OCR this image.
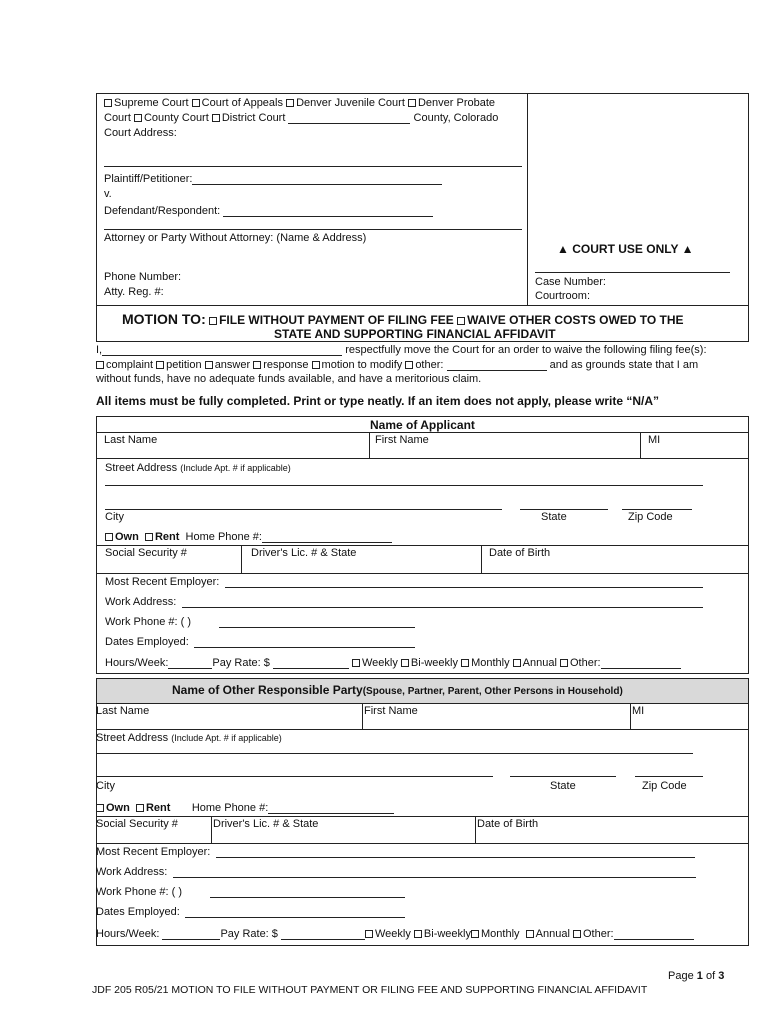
Supreme Court Court of Appeals Denver Juvenile Court Denver Probate
Court County Court District Court	County, Colorado
Court Address:
Plaintiff/Petitioner:
v.
Defendant/Respondent:
Attorney or Party Without Attorney: (Name & Address)
Phone Number:
Atty. Reg. #:
▲ COURT USE ONLY ▲
Case Number:
Courtroom:
MOTION TO: FILE WITHOUT PAYMENT OF FILING FEE WAIVE OTHER COSTS OWED TO THE
STATE AND SUPPORTING FINANCIAL AFFIDAVIT
I,	respectfully move the Court for an order to waive the following filing fee(s):
complaint petition answer response motion to modify other:	and as grounds state that I am
without funds, have no adequate funds available, and have a meritorious claim.
All items must be fully completed. Print or type neatly. If an item does not apply, please write “N/A”
Name of Applicant
Last Name	First Name	MI
Street Address (Include Apt. # if applicable)
City	State	Zip Code
Own Rent Home Phone #:
Social Security #	Driver's Lic. # & State	Date of Birth
Most Recent Employer:
Work Address:
Work Phone #: ( )
Dates Employed:
Hours/Week:	Pay Rate: $	Weekly Bi-weekly Monthly Annual Other:
Name of Other Responsible Party(Spouse, Partner, Parent, Other Persons in Household)
Last Name	First Name	MI
Street Address (Include Apt. # if applicable)
City	State	Zip Code
Own Rent Home Phone #:
Social Security #	Driver's Lic. # & State	Date of Birth
Most Recent Employer:
Work Address:
Work Phone #: ( )
Dates Employed:
Hours/Week:	Pay Rate: $	Weekly Bi-weekly Monthly Annual Other:
Page 1 of 3
JDF 205 R05/21 MOTION TO FILE WITHOUT PAYMENT OR FILING FEE AND SUPPORTING FINANCIAL AFFIDAVIT
